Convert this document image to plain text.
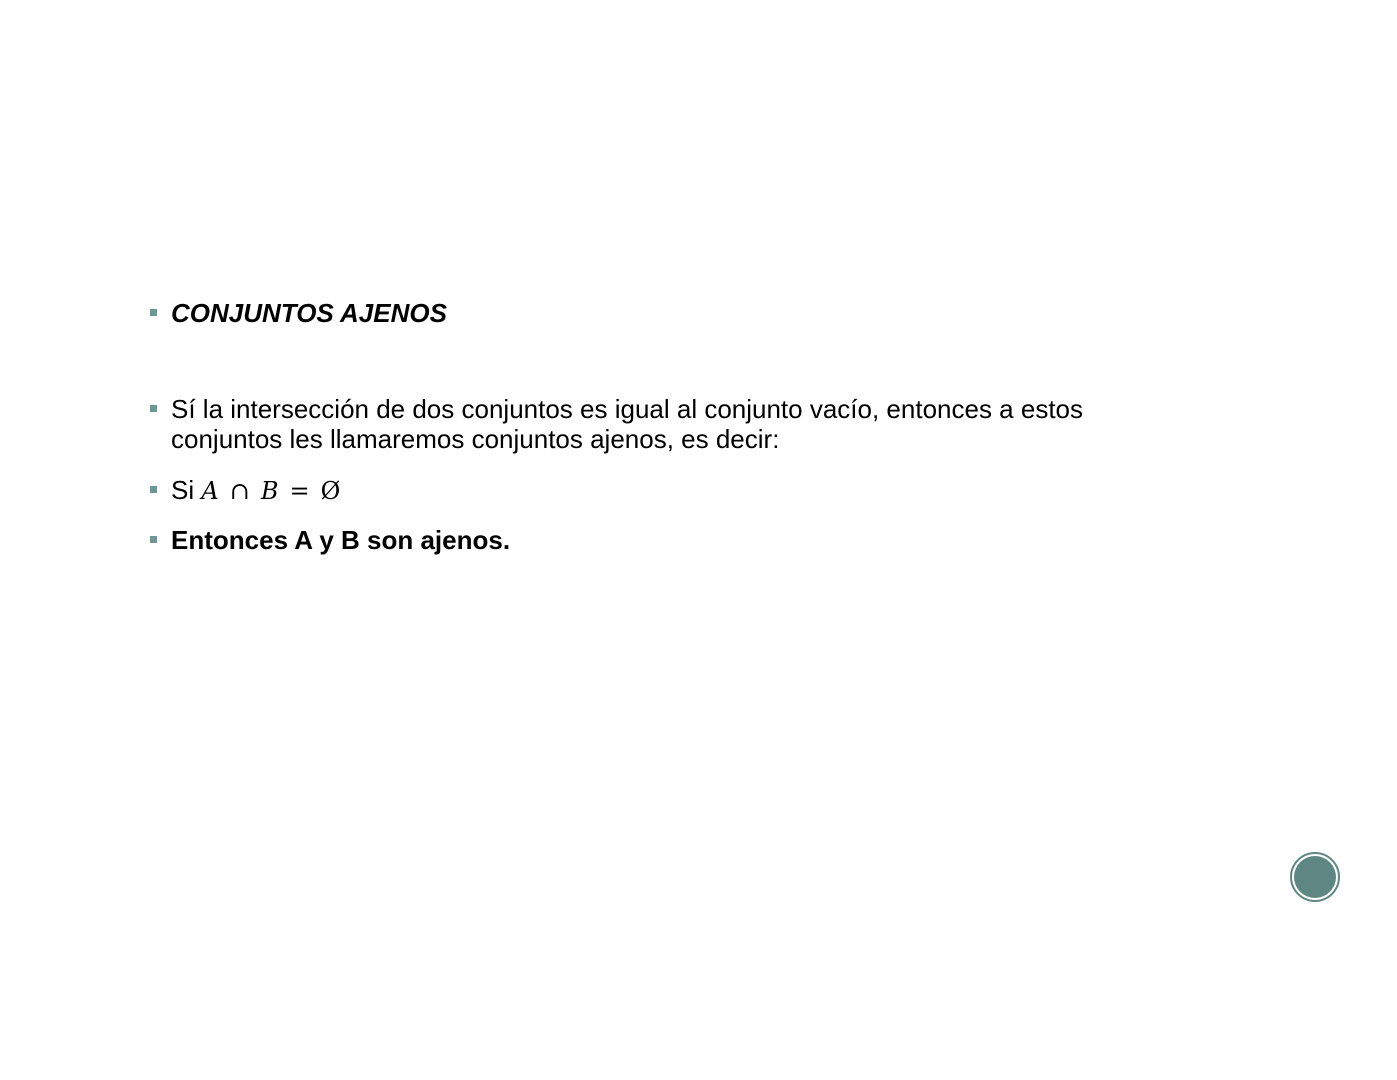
CONJUNTOS AJENOS
Sí la intersección de dos conjuntos es igual al conjunto vacío, entonces a estos conjuntos les llamaremos conjuntos ajenos, es decir:
Si A ∩ B = Ø
Entonces A y B son ajenos.
